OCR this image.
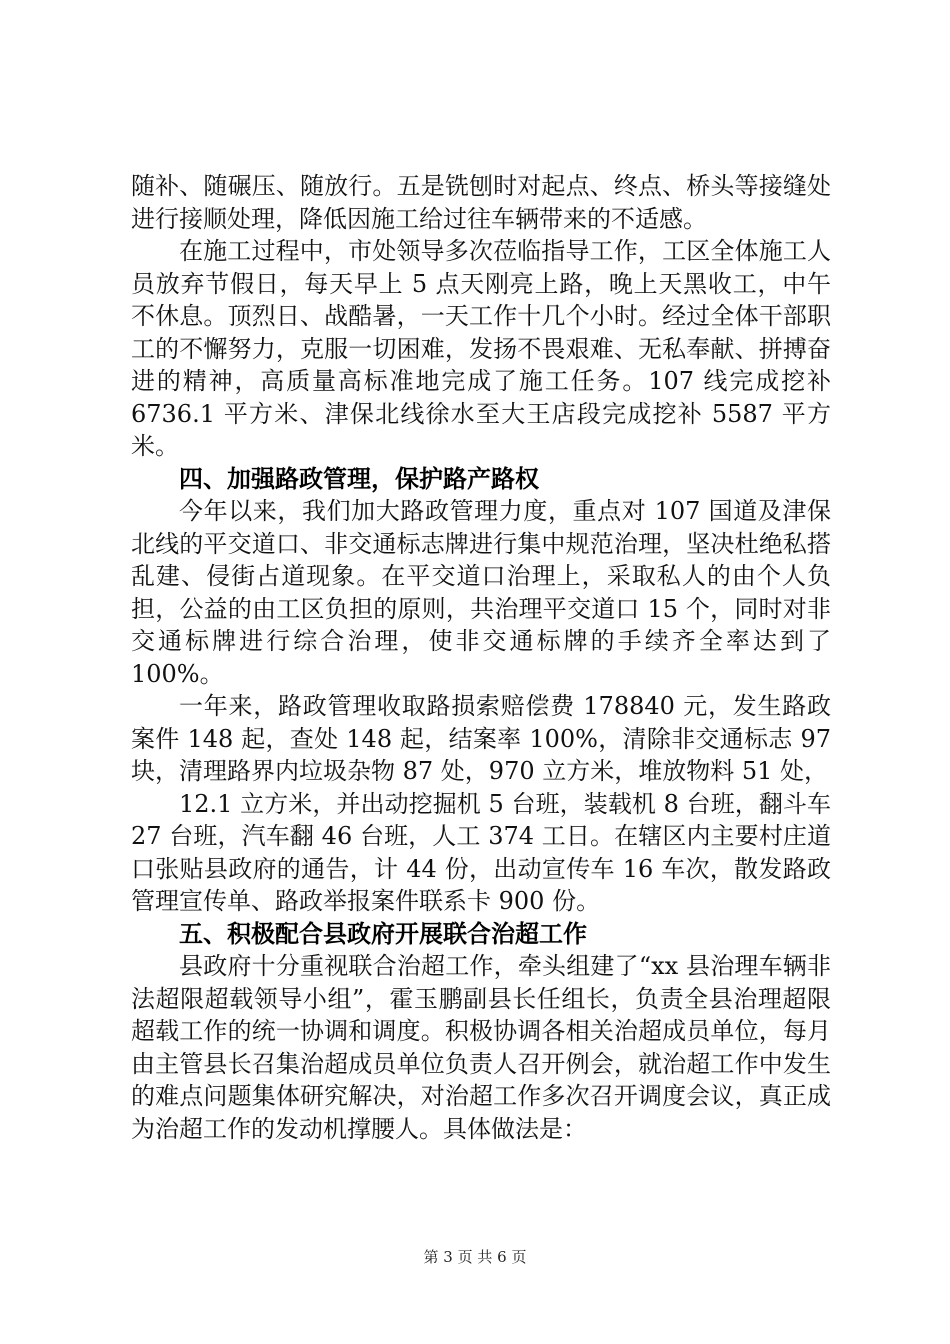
随补、随碾压、随放行。五是铣刨时对起点、终点、桥头等接缝处进行接顺处理，降低因施工给过往车辆带来的不适感。

在施工过程中，市处领导多次莅临指导工作，工区全体施工人员放弃节假日，每天早上 5 点天刚亮上路，晚上天黑收工，中午不休息。顶烈日、战酷暑，一天工作十几个小时。经过全体干部职工的不懈努力，克服一切困难，发扬不畏艰难、无私奉献、拼搏奋进的精神，高质量高标准地完成了施工任务。107 线完成挖补 6736.1 平方米、津保北线徐水至大王店段完成挖补 5587 平方米。

四、加强路政管理，保护路产路权

今年以来，我们加大路政管理力度，重点对 107 国道及津保北线的平交道口、非交通标志牌进行集中规范治理，坚决杜绝私搭乱建、侵街占道现象。在平交道口治理上，采取私人的由个人负担，公益的由工区负担的原则，共治理平交道口 15 个，同时对非交通标牌进行综合治理，使非交通标牌的手续齐全率达到了 100%。

一年来，路政管理收取路损索赔偿费 178840 元，发生路政案件 148 起，查处 148 起，结案率 100%，清除非交通标志 97 块，清理路界内垃圾杂物 87 处，970 立方米，堆放物料 51 处，

12.1 立方米，并出动挖掘机 5 台班，装载机 8 台班，翻斗车 27 台班，汽车翻 46 台班，人工 374 工日。在辖区内主要村庄道口张贴县政府的通告，计 44 份，出动宣传车 16 车次，散发路政管理宣传单、路政举报案件联系卡 900 份。

五、积极配合县政府开展联合治超工作

县政府十分重视联合治超工作，牵头组建了“xx 县治理车辆非法超限超载领导小组”，霍玉鹏副县长任组长，负责全县治理超限超载工作的统一协调和调度。积极协调各相关治超成员单位，每月由主管县长召集治超成员单位负责人召开例会，就治超工作中发生的难点问题集体研究解决，对治超工作多次召开调度会议，真正成为治超工作的发动机撑腰人。具体做法是：

第 3 页 共 6 页
